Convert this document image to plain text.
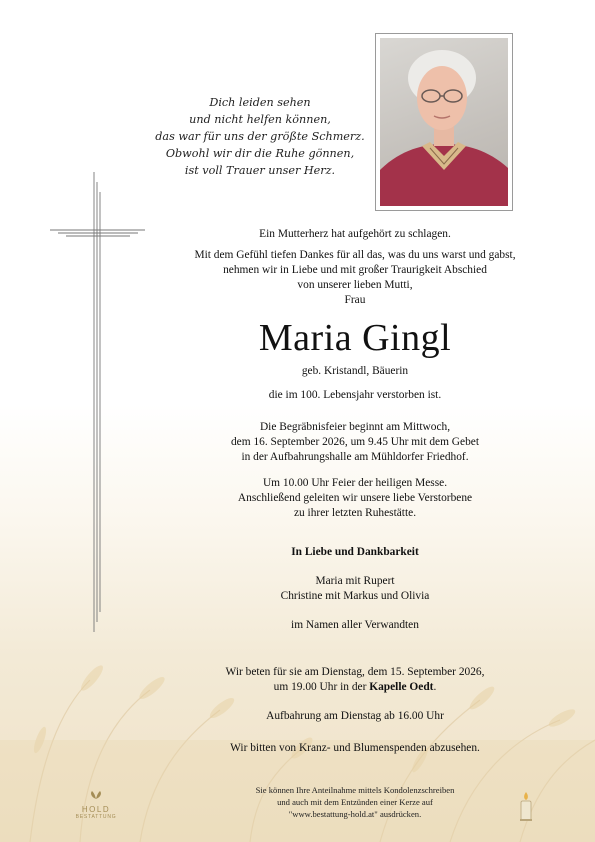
Dich leiden sehen
und nicht helfen können,
das war für uns der größte Schmerz.
Obwohl wir dir die Ruhe gönnen,
ist voll Trauer unser Herz.
Ein Mutterherz hat aufgehört zu schlagen.
Mit dem Gefühl tiefen Dankes für all das, was du uns warst und gabst,
nehmen wir in Liebe und mit großer Traurigkeit Abschied
von unserer lieben Mutti,
Frau
Maria Gingl
geb. Kristandl, Bäuerin
die im 100. Lebensjahr verstorben ist.
Die Begräbnisfeier beginnt am Mittwoch,
dem 16. September 2026, um 9.45 Uhr mit dem Gebet
in der Aufbahrungshalle am Mühldorfer Friedhof.
Um 10.00 Uhr Feier der heiligen Messe.
Anschließend geleiten wir unsere liebe Verstorbene
zu ihrer letzten Ruhestätte.
In Liebe und Dankbarkeit
Maria mit Rupert
Christine mit Markus und Olivia
im Namen aller Verwandten
Wir beten für sie am Dienstag, dem 15. September 2026,
um 19.00 Uhr in der Kapelle Oedt.
Aufbahrung am Dienstag ab 16.00 Uhr
Wir bitten von Kranz- und Blumenspenden abzusehen.
Sie können Ihre Anteilnahme mittels Kondolenzschreiben
und auch mit dem Entzünden einer Kerze auf
"www.bestattung-hold.at" ausdrücken.
HOLD
BESTATTUNG
